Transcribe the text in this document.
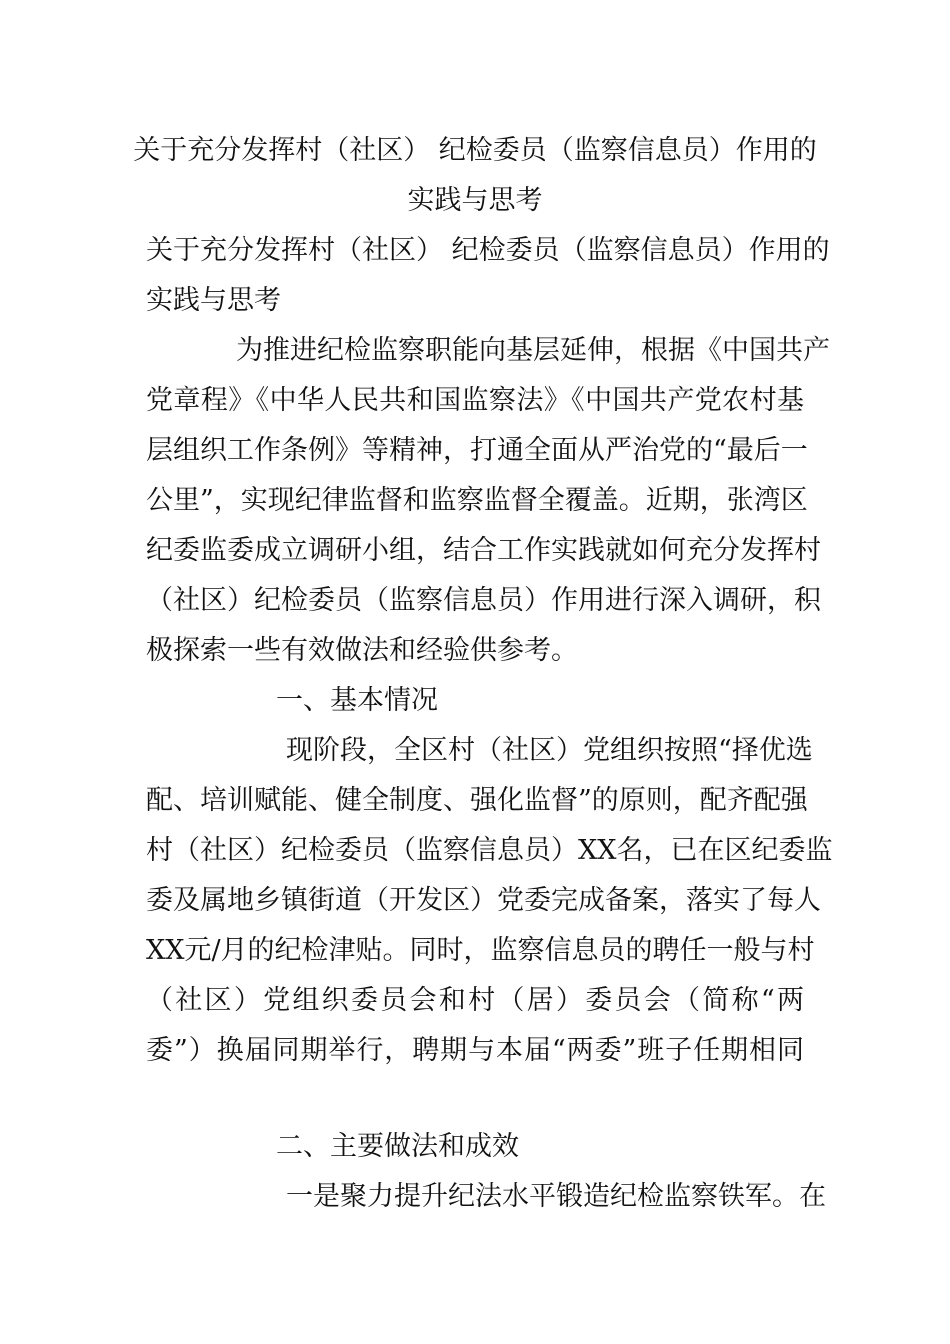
关于充分发挥村（社区） 纪检委员（监察信息员）作用的

实践与思考

关于充分发挥村（社区） 纪检委员（监察信息员）作用的

实践与思考

为推进纪检监察职能向基层延伸，根据《中国共产

党章程》《中华人民共和国监察法》《中国共产党农村基

层组织工作条例》等精神，打通全面从严治党的“最后一

公里”，实现纪律监督和监察监督全覆盖。近期，张湾区

纪委监委成立调研小组，结合工作实践就如何充分发挥村

（社区）纪检委员（监察信息员）作用进行深入调研，积

极探索一些有效做法和经验供参考。

一、基本情况

现阶段，全区村（社区）党组织按照“择优选

配、培训赋能、健全制度、强化监督”的原则，配齐配强

村（社区）纪检委员（监察信息员）XX名，已在区纪委监

委及属地乡镇街道（开发区）党委完成备案，落实了每人

XX元/月的纪检津贴。同时，监察信息员的聘任一般与村

（社区）党组织委员会和村（居）委员会（简称“两

委”）换届同期举行，聘期与本届“两委”班子任期相同

二、主要做法和成效

一是聚力提升纪法水平锻造纪检监察铁军。在
